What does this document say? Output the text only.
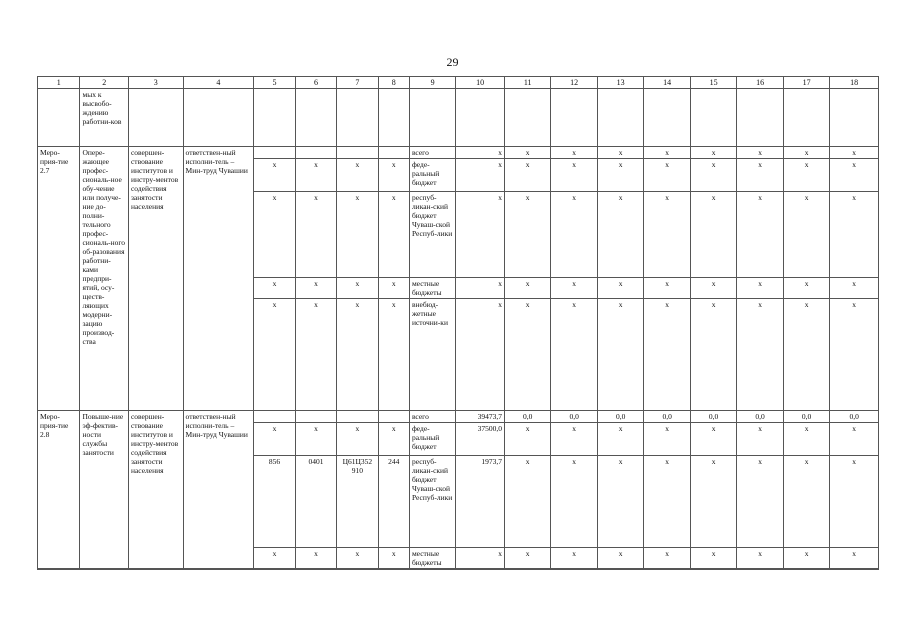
29
1	2	3	4	5	6	7	8	9	10	11	12	13	14	15	16	17	18
	мых к высвобо-ждению работни-ков																
Меро-прия-тие 2.7	Опере-жающее профес-сиональ-ное обу-чение или получе-ние до-полни-тельного профес-сиональ-ного об-разования работни-ками предпри-ятий, осу-ществ-ляющих модерни-зацию производ-ства	совершен-ствование институтов и инстру-ментов содействия занятости населения	ответствен-ный исполни-тель – Мин-труд Чувашии					всего	x	x	x	x	x	x	x	x	x
				x	x	x	x	феде-ральный бюджет	x	x	x	x	x	x	x	x	x
				x	x	x	x	респуб-ликан-ский бюджет Чуваш-ской Респуб-лики	x	x	x	x	x	x	x	x	x
				x	x	x	x	местные бюджеты	x	x	x	x	x	x	x	x	x
				x	x	x	x	внебюд-жетные источни-ки	x	x	x	x	x	x	x	x	x
Меро-прия-тие 2.8	Повыше-ние эф-фектив-ности службы занятости	совершен-ствование институтов и инстру-ментов содействия занятости населения	ответствен-ный исполни-тель – Мин-труд Чувашии					всего	39473,7	0,0	0,0	0,0	0,0	0,0	0,0	0,0	0,0
				x	x	x	x	феде-ральный бюджет	37500,0	x	x	x	x	x	x	x	x
				856	0401	Ц61Ц352 910	244	респуб-ликан-ский бюджет Чуваш-ской Респуб-лики	1973,7	x	x	x	x	x	x	x	x
				x	x	x	x	местные бюджеты	x	x	x	x	x	x	x	x	x
